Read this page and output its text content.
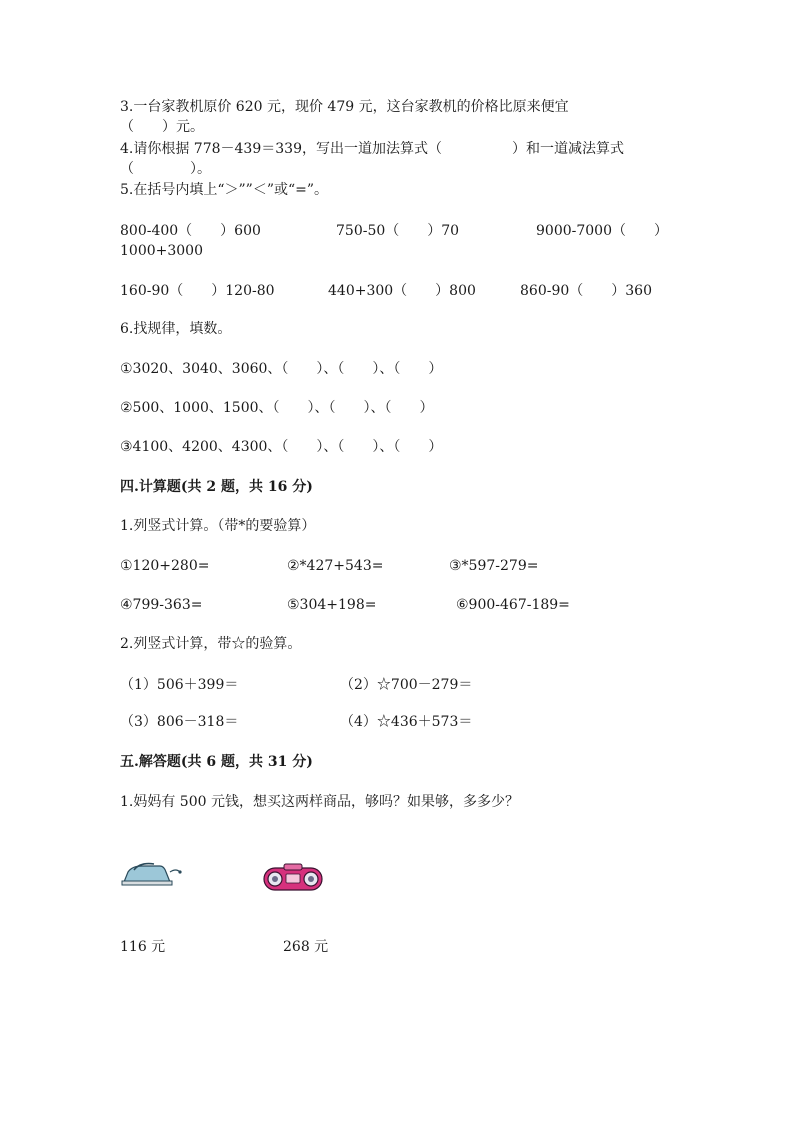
3.一台家教机原价 620 元，现价 479 元，这台家教机的价格比原来便宜
（　　）元。
4.请你根据 778－439＝339，写出一道加法算式（　　　　　）和一道减法算式
（　　　　）。
5.在括号内填上“＞””＜”或“=”。
800-400（　　）600	750-50（　　）70	9000-7000（　　）
1000+3000
160-90（　　）120-80	440+300（　　）800	860-90（　　）360
6.找规律，填数。
①3020、3040、3060、（　　）、（　　）、（　　）
②500、1000、1500、（　　）、（　　）、（　　）
③4100、4200、4300、（　　）、（　　）、（　　）
四.计算题(共 2 题，共 16 分)
1.列竖式计算。（带*的要验算）
①120+280=	②*427+543=	③*597-279=
④799-363=	⑤304+198=	⑥900-467-189=
2.列竖式计算，带☆的验算。
（1）506＋399＝	（2）☆700－279＝
（3）806－318＝	（4）☆436＋573＝
五.解答题(共 6 题，共 31 分)
1.妈妈有 500 元钱，想买这两样商品，够吗？如果够，多多少？
116 元	268 元
